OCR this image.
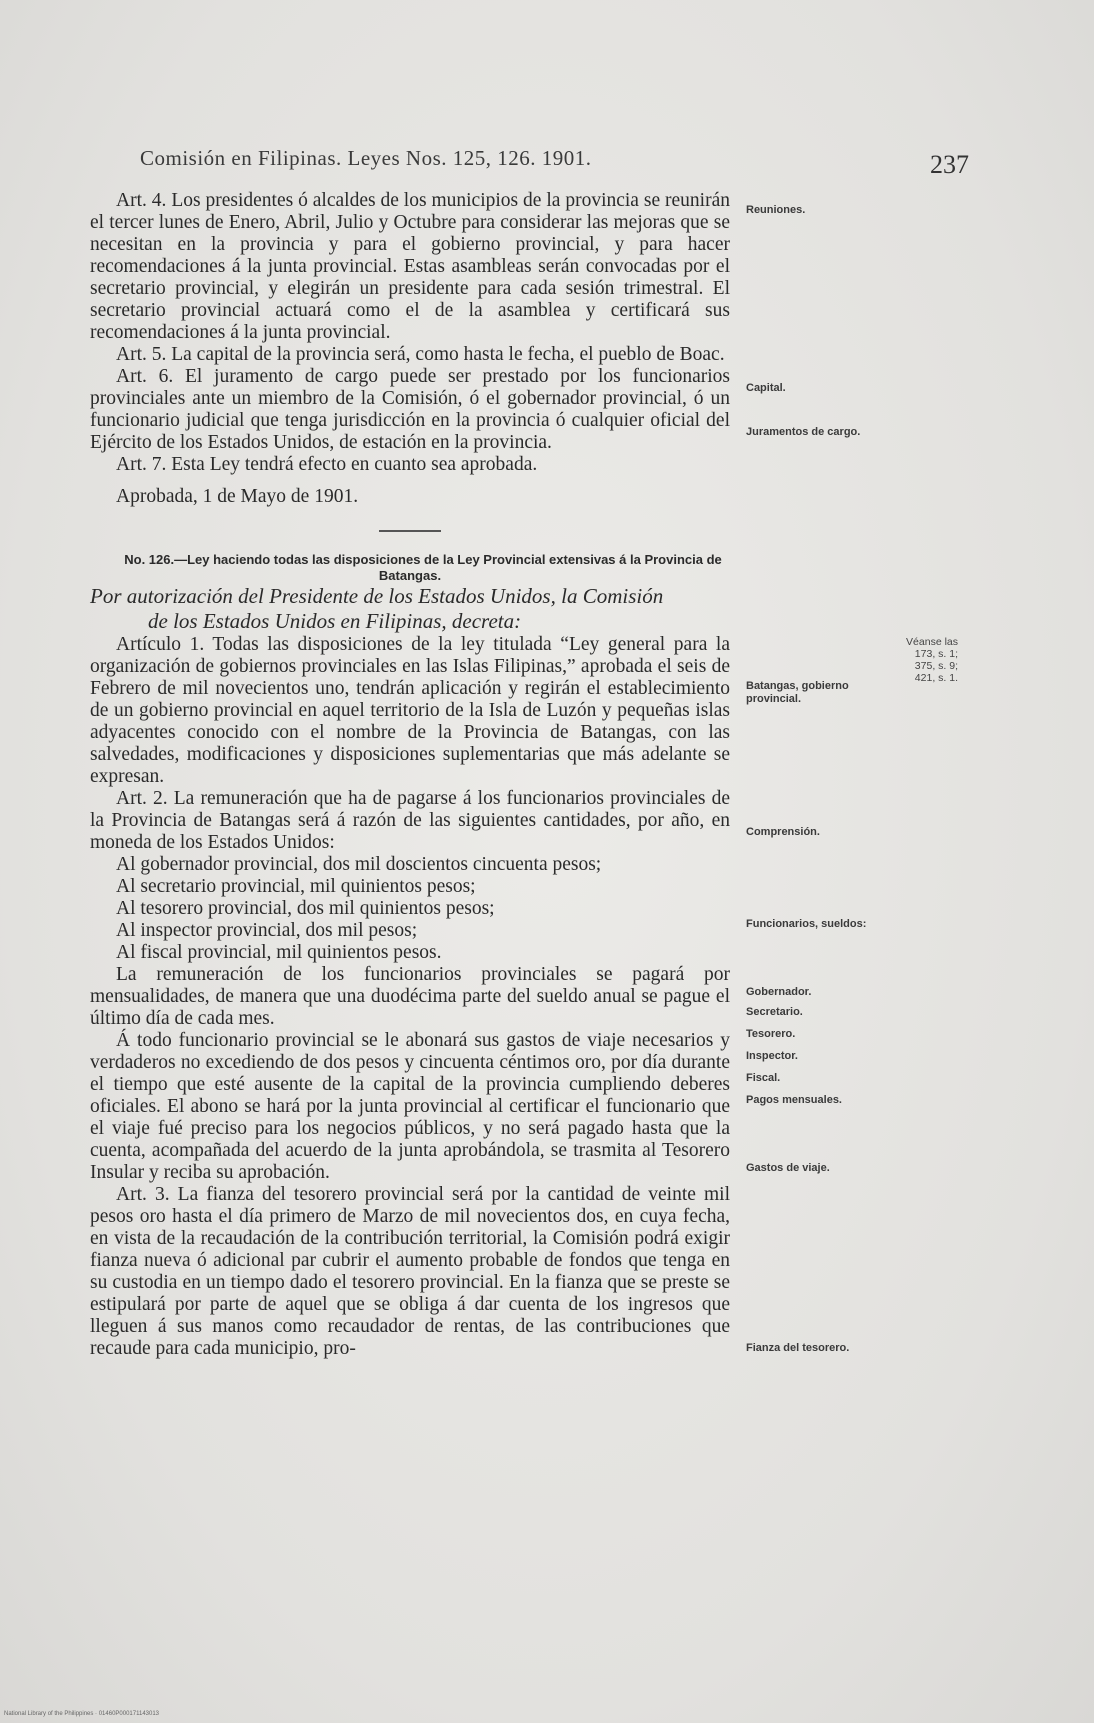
Comisión en Filipinas. Leyes Nos. 125, 126. 1901.	237

Art. 4. Los presidentes ó alcaldes de los municipios de la provincia se reunirán el tercer lunes de Enero, Abril, Julio y Octubre para considerar las mejoras que se necesitan en la provincia y para el gobierno provincial, y para hacer recomendaciones á la junta provincial. Estas asambleas serán convocadas por el secretario provincial, y elegirán un presidente para cada sesión trimestral. El secretario provincial actuará como el de la asamblea y certificará sus recomendaciones á la junta provincial.

Art. 5. La capital de la provincia será, como hasta le fecha, el pueblo de Boac.

Art. 6. El juramento de cargo puede ser prestado por los funcionarios provinciales ante un miembro de la Comisión, ó el gobernador provincial, ó un funcionario judicial que tenga jurisdicción en la provincia ó cualquier oficial del Ejército de los Estados Unidos, de estación en la provincia.

Art. 7. Esta Ley tendrá efecto en cuanto sea aprobada.

Aprobada, 1 de Mayo de 1901.

No. 126.—Ley haciendo todas las disposiciones de la Ley Provincial extensivas á la Provincia de Batangas.

Por autorización del Presidente de los Estados Unidos, la Comisión
de los Estados Unidos en Filipinas, decreta:

Artículo 1. Todas las disposiciones de la ley titulada “Ley general para la organización de gobiernos provinciales en las Islas Filipinas,” aprobada el seis de Febrero de mil novecientos uno, tendrán aplicación y regirán el establecimiento de un gobierno provincial en aquel territorio de la Isla de Luzón y pequeñas islas adyacentes conocido con el nombre de la Provincia de Batangas, con las salvedades, modificaciones y disposiciones suplementarias que más adelante se expresan.

Art. 2. La remuneración que ha de pagarse á los funcionarios provinciales de la Provincia de Batangas será á razón de las siguientes cantidades, por año, en moneda de los Estados Unidos:

Al gobernador provincial, dos mil doscientos cincuenta pesos;
Al secretario provincial, mil quinientos pesos;
Al tesorero provincial, dos mil quinientos pesos;
Al inspector provincial, dos mil pesos;
Al fiscal provincial, mil quinientos pesos.

La remuneración de los funcionarios provinciales se pagará por mensualidades, de manera que una duodécima parte del sueldo anual se pague el último día de cada mes.

Á todo funcionario provincial se le abonará sus gastos de viaje necesarios y verdaderos no excediendo de dos pesos y cincuenta céntimos oro, por día durante el tiempo que esté ausente de la capital de la provincia cumpliendo deberes oficiales. El abono se hará por la junta provincial al certificar el funcionario que el viaje fué preciso para los negocios públicos, y no será pagado hasta que la cuenta, acompañada del acuerdo de la junta aprobándola, se trasmita al Tesorero Insular y reciba su aprobación.

Art. 3. La fianza del tesorero provincial será por la cantidad de veinte mil pesos oro hasta el día primero de Marzo de mil novecientos dos, en cuya fecha, en vista de la recaudación de la contribución territorial, la Comisión podrá exigir fianza nueva ó adicional par cubrir el aumento probable de fondos que tenga en su custodia en un tiempo dado el tesorero provincial. En la fianza que se preste se estipulará por parte de aquel que se obliga á dar cuenta de los ingresos que lleguen á sus manos como recaudador de rentas, de las contribuciones que recaude para cada municipio, pro-

Reuniones.
Capital.
Juramentos de cargo.
Batangas, gobierno provincial.
Comprensión.
Funcionarios, sueldos:
Gobernador.
Secretario.
Tesorero.
Inspector.
Fiscal.
Pagos mensuales.
Gastos de viaje.
Fianza del tesorero.
Véanse las 173, s. 1; 375, s. 9; 421, s. 1.
National Library of the Philippines · 01460P000171143013
